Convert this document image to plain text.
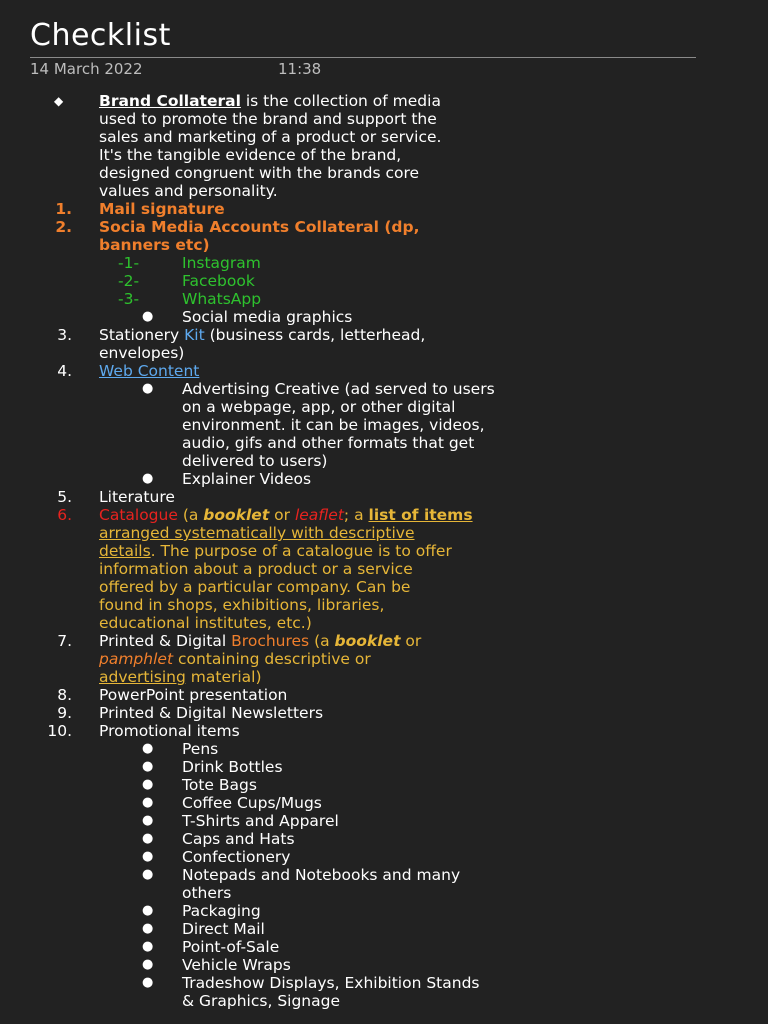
Checklist
14 March 2022	11:38
◆ Brand Collateral is the collection of media
used to promote the brand and support the
sales and marketing of a product or service.
It's the tangible evidence of the brand,
designed congruent with the brands core
values and personality.
1. Mail signature
2. Socia Media Accounts Collateral (dp,
banners etc)
-1-	Instagram
-2-	Facebook
-3-	WhatsApp
● Social media graphics
3. Stationery Kit (business cards, letterhead,
envelopes)
4. Web Content
● Advertising Creative (ad served to users
on a webpage, app, or other digital
environment. it can be images, videos,
audio, gifs and other formats that get
delivered to users)
● Explainer Videos
5. Literature
6. Catalogue (a booklet or leaflet; a list of items
arranged systematically with descriptive
details. The purpose of a catalogue is to offer
information about a product or a service
offered by a particular company. Can be
found in shops, exhibitions, libraries,
educational institutes, etc.)
7. Printed & Digital Brochures (a booklet or
pamphlet containing descriptive or
advertising material)
8. PowerPoint presentation
9. Printed & Digital Newsletters
10. Promotional items
● Pens
● Drink Bottles
● Tote Bags
● Coffee Cups/Mugs
● T-Shirts and Apparel
● Caps and Hats
● Confectionery
● Notepads and Notebooks and many
others
● Packaging
● Direct Mail
● Point-of-Sale
● Vehicle Wraps
● Tradeshow Displays, Exhibition Stands
& Graphics, Signage
